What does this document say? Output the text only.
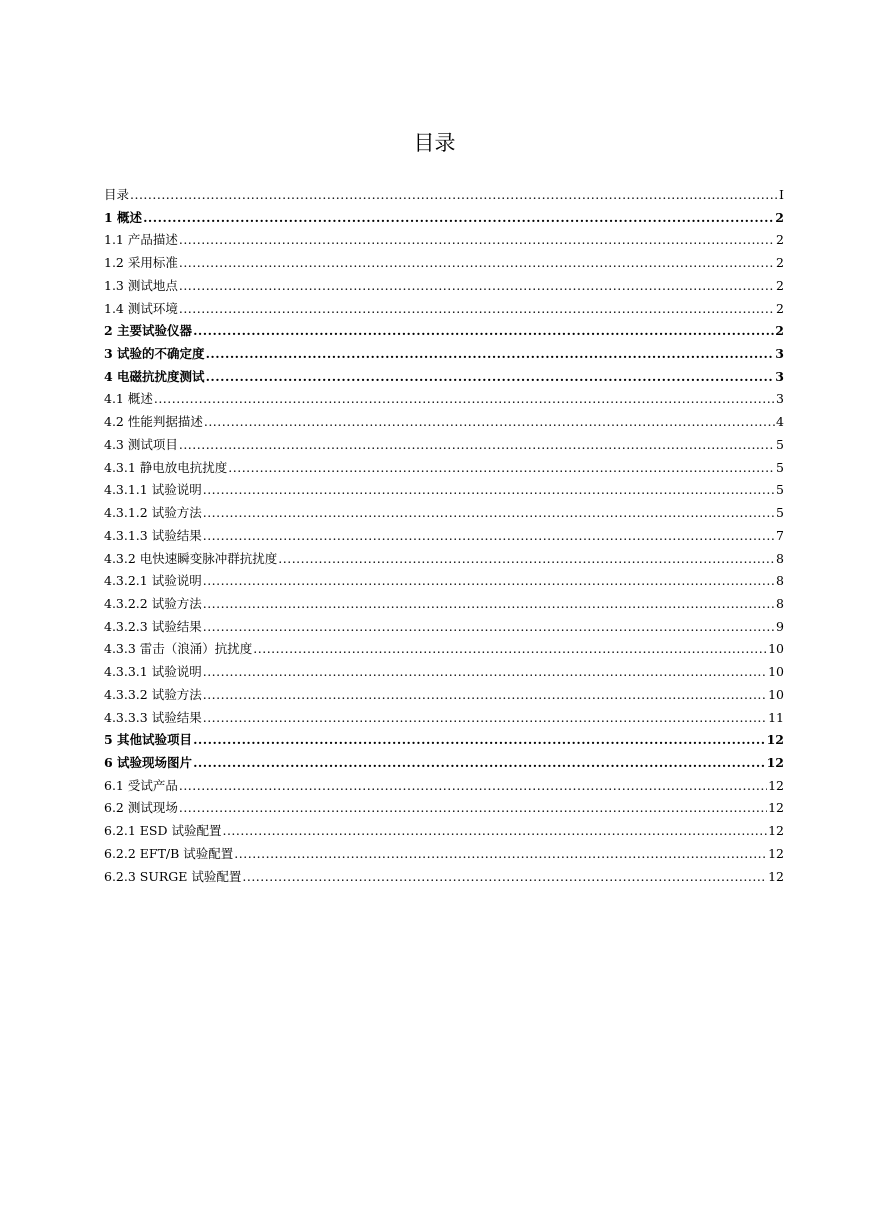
目录
目录 .....	I
1 概述 .....	2
1.1 产品描述 .....	2
1.2 采用标准 .....	2
1.3 测试地点 .....	2
1.4 测试环境 .....	2
2 主要试验仪器 .....	2
3 试验的不确定度 .....	3
4 电磁抗扰度测试 .....	3
4.1 概述 .....	3
4.2 性能判据描述 .....	4
4.3 测试项目 .....	5
4.3.1 静电放电抗扰度 .....	5
4.3.1.1 试验说明 .....	5
4.3.1.2 试验方法 .....	5
4.3.1.3 试验结果 .....	7
4.3.2 电快速瞬变脉冲群抗扰度 .....	8
4.3.2.1 试验说明 .....	8
4.3.2.2 试验方法 .....	8
4.3.2.3 试验结果 .....	9
4.3.3 雷击（浪涌）抗扰度 .....	10
4.3.3.1 试验说明 .....	10
4.3.3.2 试验方法 .....	10
4.3.3.3 试验结果 .....	11
5 其他试验项目 .....	12
6 试验现场图片 .....	12
6.1 受试产品 .....	12
6.2 测试现场 .....	12
6.2.1 ESD 试验配置 .....	12
6.2.2 EFT/B 试验配置 .....	12
6.2.3 SURGE 试验配置 .....	12
